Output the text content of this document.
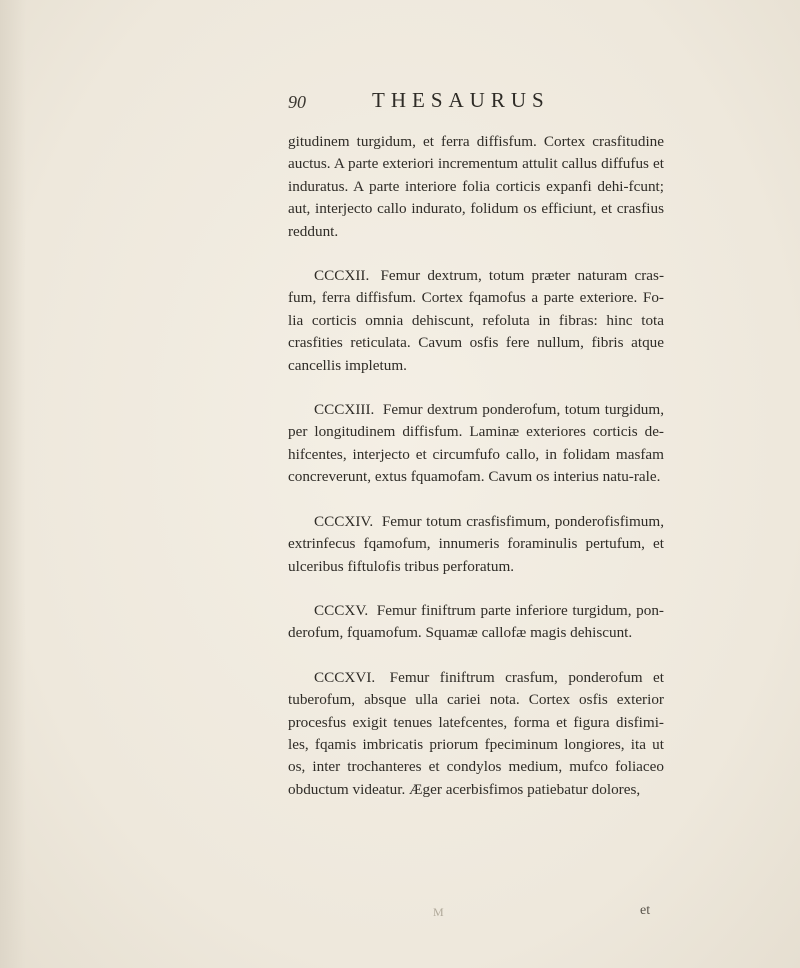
90	THESAURUS

gitudinem turgidum, et ferra diffisfum. Cortex crasfitudine auctus. A parte exteriori incrementum attulit callus diffufus et induratus. A parte interiore folia corticis expanfi dehi-fcunt; aut, interjecto callo indurato, folidum os efficiunt, et crasfius reddunt.

CCCXII. Femur dextrum, totum præter naturam cras-fum, ferra diffisfum. Cortex fqamofus a parte exteriore. Fo-lia corticis omnia dehiscunt, refoluta in fibras: hinc tota crasfities reticulata. Cavum osfis fere nullum, fibris atque cancellis impletum.

CCCXIII. Femur dextrum ponderofum, totum turgidum, per longitudinem diffisfum. Laminæ exteriores corticis de-hifcentes, interjecto et circumfufo callo, in folidam masfam concreverunt, extus fquamofam. Cavum os interius natu-rale.

CCCXIV. Femur totum crasfisfimum, ponderofisfimum, extrinfecus fqamofum, innumeris foraminulis pertufum, et ulceribus fiftulofis tribus perforatum.

CCCXV. Femur finiftrum parte inferiore turgidum, pon-derofum, fquamofum. Squamæ callofæ magis dehiscunt.

CCCXVI. Femur finiftrum crasfum, ponderofum et tuberofum, absque ulla cariei nota. Cortex osfis exterior procesfus exigit tenues latefcentes, forma et figura disfimi-les, fqamis imbricatis priorum fpeciminum longiores, ita ut os, inter trochanteres et condylos medium, mufco foliaceo obductum videatur. Æger acerbisfimos patiebatur dolores,

M	et
